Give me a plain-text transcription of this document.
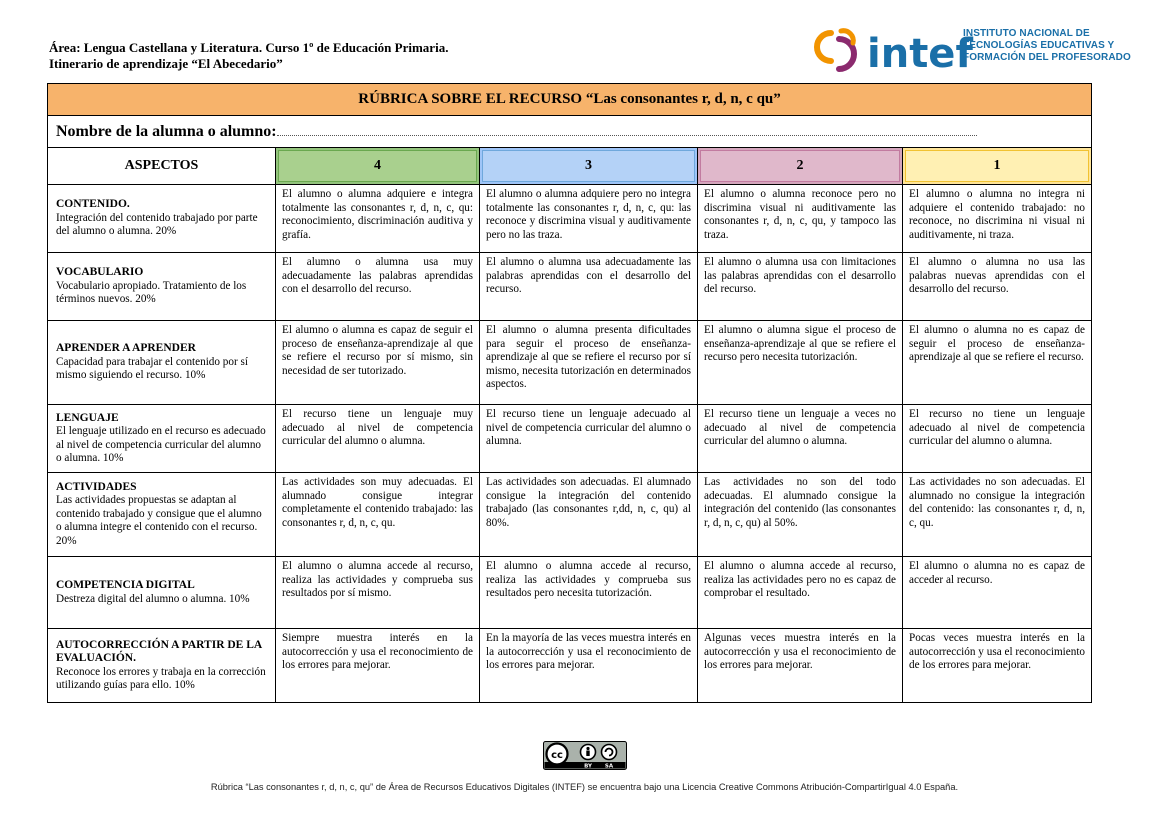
Área: Lengua Castellana y Literatura. Curso 1º de Educación Primaria.
Itinerario de aprendizaje “El Abecedario”	intef
INSTITUTO NACIONAL DE
TECNOLOGÍAS EDUCATIVAS Y
FORMACIÓN DEL PROFESORADO
RÚBRICA SOBRE EL RECURSO “Las consonantes r, d, n, c qu”				
Nombre de la alumna o alumno:				
ASPECTOS	4	3	2	1

CONTENIDO.
Integración del contenido trabajado por parte del alumno o alumna. 20%	El alumno o alumna adquiere e integra totalmente las consonantes r, d, n, c, qu: reconocimiento, discriminación auditiva y grafía.	El alumno o alumna adquiere pero no integra totalmente las consonantes r, d, n, c, qu: las reconoce y discrimina visual y auditivamente pero no las traza.	El alumno o alumna reconoce pero no discrimina visual ni auditivamente las consonantes r, d, n, c, qu, y tampoco las traza.	El alumno o alumna no integra ni adquiere el contenido trabajado: no reconoce, no discrimina ni visual ni auditivamente, ni traza.

VOCABULARIO
Vocabulario apropiado. Tratamiento de los términos nuevos. 20%	El alumno o alumna usa muy adecuadamente las palabras aprendidas con el desarrollo del recurso.	El alumno o alumna usa adecuadamente las palabras aprendidas con el desarrollo del recurso.	El alumno o alumna usa con limitaciones las palabras aprendidas con el desarrollo del recurso.	El alumno o alumna no usa las palabras nuevas aprendidas con el desarrollo del recurso.

APRENDER A APRENDER
Capacidad para trabajar el contenido por sí mismo siguiendo el recurso. 10%	El alumno o alumna es capaz de seguir el proceso de enseñanza-aprendizaje al que se refiere el recurso por sí mismo, sin necesidad de ser tutorizado.	El alumno o alumna presenta dificultades para seguir el proceso de enseñanza-aprendizaje al que se refiere el recurso por sí mismo, necesita tutorización en determinados aspectos.	El alumno o alumna sigue el proceso de enseñanza-aprendizaje al que se refiere el recurso pero necesita tutorización.	El alumno o alumna no es capaz de seguir el proceso de enseñanza-aprendizaje al que se refiere el recurso.

LENGUAJE
El lenguaje utilizado en el recurso es adecuado al nivel de competencia curricular del alumno o alumna. 10%	El recurso tiene un lenguaje muy adecuado al nivel de competencia curricular del alumno o alumna.	El recurso tiene un lenguaje adecuado al nivel de competencia curricular del alumno o alumna.	El recurso tiene un lenguaje a veces no adecuado al nivel de competencia curricular del alumno o alumna.	El recurso no tiene un lenguaje adecuado al nivel de competencia curricular del alumno o alumna.

ACTIVIDADES
Las actividades propuestas se adaptan al contenido trabajado y consigue que el alumno o alumna integre el contenido con el recurso. 20%	Las actividades son muy adecuadas. El alumnado consigue integrar completamente el contenido trabajado: las consonantes r, d, n, c, qu.	Las actividades son adecuadas. El alumnado consigue la integración del contenido trabajado (las consonantes r,dd, n, c, qu) al 80%.	Las actividades no son del todo adecuadas. El alumnado consigue la integración del contenido (las consonantes r, d, n, c, qu) al 50%.	Las actividades no son adecuadas. El alumnado no consigue la integración del contenido: las consonantes r, d, n, c, qu.

COMPETENCIA DIGITAL
Destreza digital del alumno o alumna. 10%	El alumno o alumna accede al recurso, realiza las actividades y comprueba sus resultados por sí mismo.	El alumno o alumna accede al recurso, realiza las actividades y comprueba sus resultados pero necesita tutorización.	El alumno o alumna accede al recurso, realiza las actividades pero no es capaz de comprobar el resultado.	El alumno o alumna no es capaz de acceder al recurso.

AUTOCORRECCIÓN A PARTIR DE LA EVALUACIÓN.
Reconoce los errores y trabaja en la corrección utilizando guías para ello. 10%	Siempre muestra interés en la autocorrección y usa el reconocimiento de los errores para mejorar.	En la mayoría de las veces muestra interés en la autocorrección y usa el reconocimiento de los errores para mejorar.	Algunas veces muestra interés en la autocorrección y usa el reconocimiento de los errores para mejorar.	Pocas veces muestra interés en la autocorrección y usa el reconocimiento de los errores para mejorar.
cc
BY SA
Rúbrica “Las consonantes r, d, n, c, qu” de Área de Recursos Educativos Digitales (INTEF) se encuentra bajo una Licencia Creative Commons Atribución-CompartirIgual 4.0 España.
